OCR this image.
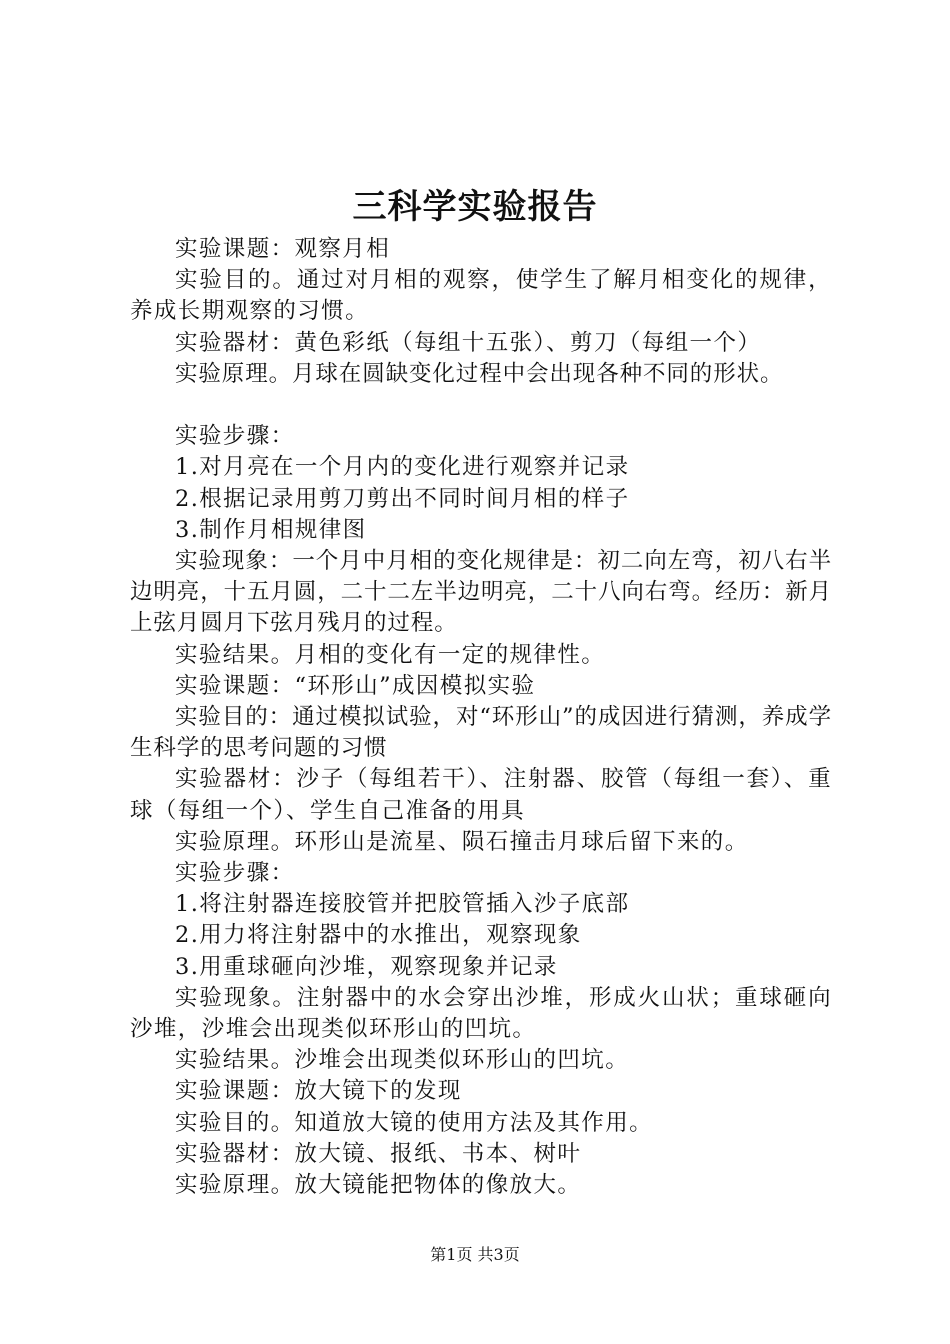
三科学实验报告

实验课题：观察月相

实验目的。通过对月相的观察，使学生了解月相变化的规律，养成长期观察的习惯。

实验器材：黄色彩纸（每组十五张）、剪刀（每组一个）

实验原理。月球在圆缺变化过程中会出现各种不同的形状。

实验步骤：

1.对月亮在一个月内的变化进行观察并记录

2.根据记录用剪刀剪出不同时间月相的样子

3.制作月相规律图

实验现象：一个月中月相的变化规律是：初二向左弯，初八右半边明亮，十五月圆，二十二左半边明亮，二十八向右弯。经历：新月上弦月圆月下弦月残月的过程。

实验结果。月相的变化有一定的规律性。

实验课题：“环形山”成因模拟实验

实验目的：通过模拟试验，对“环形山”的成因进行猜测，养成学生科学的思考问题的习惯

实验器材：沙子（每组若干）、注射器、胶管（每组一套）、重球（每组一个）、学生自己准备的用具

实验原理。环形山是流星、陨石撞击月球后留下来的。

实验步骤：

1.将注射器连接胶管并把胶管插入沙子底部

2.用力将注射器中的水推出，观察现象

3.用重球砸向沙堆，观察现象并记录

实验现象。注射器中的水会穿出沙堆，形成火山状；重球砸向沙堆，沙堆会出现类似环形山的凹坑。

实验结果。沙堆会出现类似环形山的凹坑。

实验课题：放大镜下的发现

实验目的。知道放大镜的使用方法及其作用。

实验器材：放大镜、报纸、书本、树叶

实验原理。放大镜能把物体的像放大。

第1页 共3页
